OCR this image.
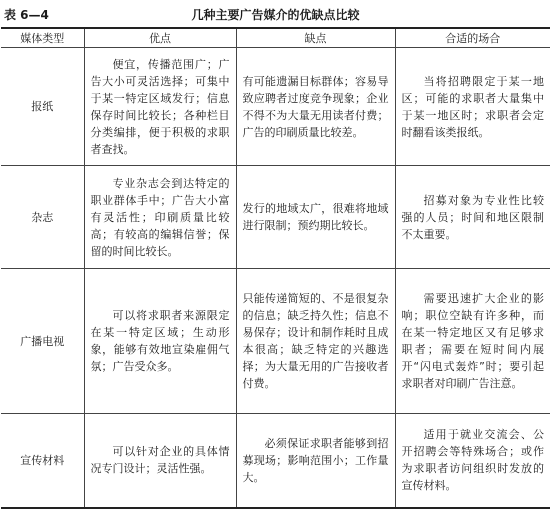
表 6—4	几种主要广告媒介的优缺点比较
媒体类型	优点	缺点	合适的场合
报纸	便宜，传播范围广；广告大小可灵活选择；可集中于某一特定区域发行；信息保存时间比较长；各种栏目分类编排，便于积极的求职者查找。	有可能遗漏目标群体；容易导致应聘者过度竞争现象；企业不得不为大量无用读者付费；广告的印刷质量比较差。	当将招聘限定于某一地区；可能的求职者大量集中于某一地区时；求职者会定时翻看该类报纸。
杂志	专业杂志会到达特定的职业群体手中；广告大小富有灵活性；印刷质量比较高；有较高的编辑信誉；保留的时间比较长。	发行的地域太广，很难将地域进行限制；预约期比较长。	招募对象为专业性比较强的人员；时间和地区限制不太重要。
广播电视	可以将求职者来源限定在某一特定区域；生动形象，能够有效地宣染雇佣气氛；广告受众多。	只能传递简短的、不是很复杂的信息；缺乏持久性；信息不易保存；设计和制作耗时且成本很高；缺乏特定的兴趣选择；为大量无用的广告接收者付费。	需要迅速扩大企业的影响；职位空缺有许多种，而在某一特定地区又有足够求职者；需要在短时间内展开“闪电式轰炸”时；要引起求职者对印刷广告注意。
宣传材料	可以针对企业的具体情况专门设计；灵活性强。	必须保证求职者能够到招募现场；影响范围小；工作量大。	适用于就业交流会、公开招聘会等特殊场合；或作为求职者访问组织时发放的宣传材料。
